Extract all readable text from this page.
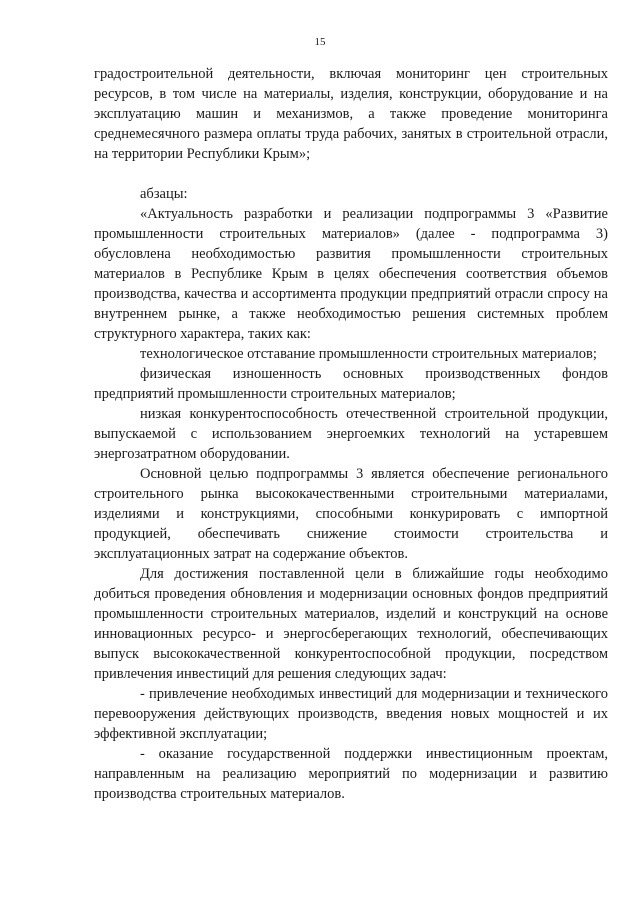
15

градостроительной деятельности, включая мониторинг цен строительных ресурсов, в том числе на материалы, изделия, конструкции, оборудование и на эксплуатацию машин и механизмов, а также проведение мониторинга среднемесячного размера оплаты труда рабочих, занятых в строительной отрасли, на территории Республики Крым»;

абзацы:

«Актуальность разработки и реализации подпрограммы 3 «Развитие промышленности строительных материалов» (далее - подпрограмма 3) обусловлена необходимостью развития промышленности строительных материалов в Республике Крым в целях обеспечения соответствия объемов производства, качества и ассортимента продукции предприятий отрасли спросу на внутреннем рынке, а также необходимостью решения системных проблем структурного характера, таких как:

технологическое отставание промышленности строительных материалов;

физическая изношенность основных производственных фондов предприятий промышленности строительных материалов;

низкая конкурентоспособность отечественной строительной продукции, выпускаемой с использованием энергоемких технологий на устаревшем энергозатратном оборудовании.

Основной целью подпрограммы 3 является обеспечение регионального строительного рынка высококачественными строительными материалами, изделиями и конструкциями, способными конкурировать с импортной продукцией, обеспечивать снижение стоимости строительства и эксплуатационных затрат на содержание объектов.

Для достижения поставленной цели в ближайшие годы необходимо добиться проведения обновления и модернизации основных фондов предприятий промышленности строительных материалов, изделий и конструкций на основе инновационных ресурсо- и энергосберегающих технологий, обеспечивающих выпуск высококачественной конкурентоспособной продукции, посредством привлечения инвестиций для решения следующих задач:

- привлечение необходимых инвестиций для модернизации и технического перевооружения действующих производств, введения новых мощностей и их эффективной эксплуатации;

- оказание государственной поддержки инвестиционным проектам, направленным на реализацию мероприятий по модернизации и развитию производства строительных материалов.
